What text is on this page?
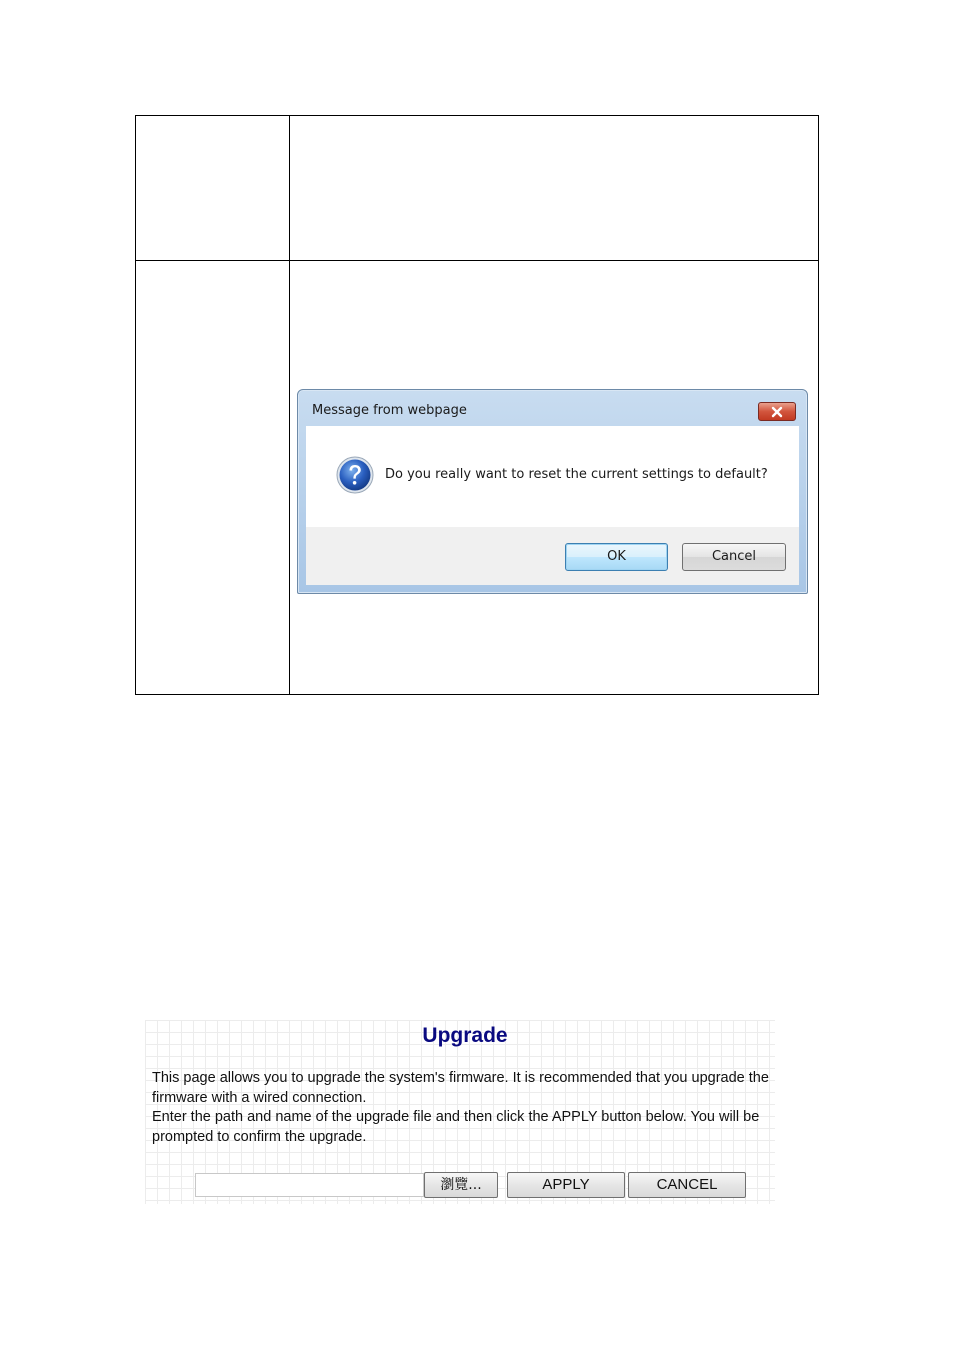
	Message from webpage
Do you really want to reset the current settings to default?
OK Cancel
Upgrade

This page allows you to upgrade the system's firmware. It is recommended that you upgrade the firmware with a wired connection.

Enter the path and name of the upgrade file and then click the APPLY button below. You will be prompted to confirm the upgrade.

瀏覽...	APPLY	CANCEL
